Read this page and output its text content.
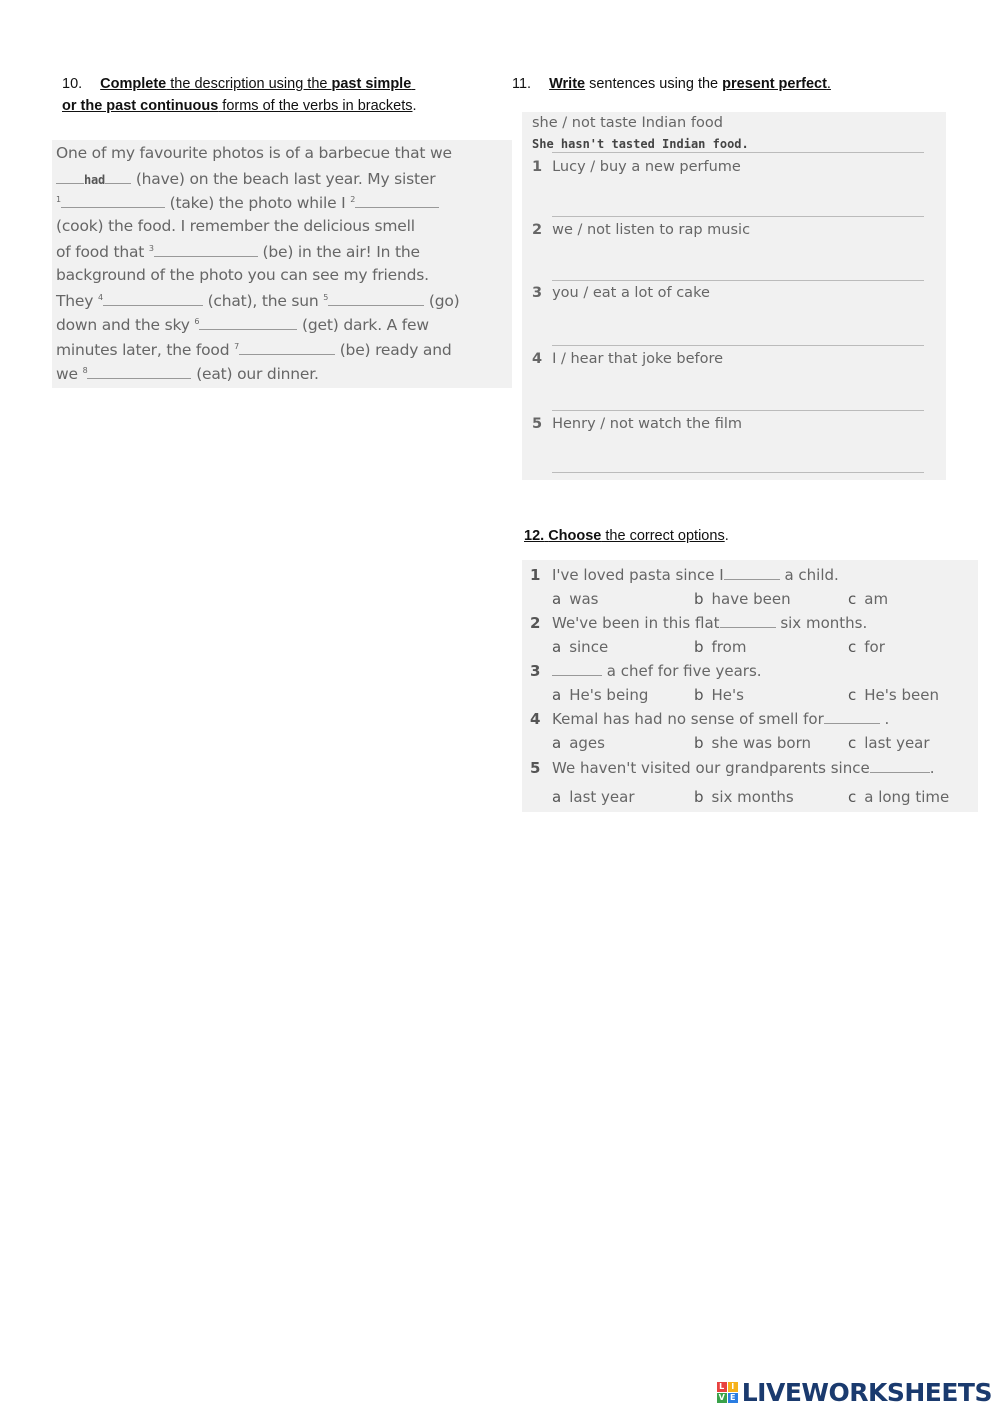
10. Complete the description using the past simple
or the past continuous forms of the verbs in brackets.
One of my favourite photos is of a barbecue that we
had (have) on the beach last year. My sister
$^1$	(take) the photo while I $^2$
(cook) the food. I remember the delicious smell
of food that $^3$	(be) in the air! In the
background of the photo you can see my friends.
They $^4$	(chat), the sun $^5$	(go)
down and the sky $^6$	(get) dark. A few
minutes later, the food $^7$	(be) ready and
we $^8$	(eat) our dinner.
11. Write sentences using the present perfect.
she / not taste Indian food
She hasn't tasted Indian food.
1 Lucy / buy a new perfume
2 we / not listen to rap music
3 you / eat a lot of cake
4 I / hear that joke before
5 Henry / not watch the film
12. Choose the correct options.
1 I've loved pasta since I	a child.
a was	b have been	c am
2 We've been in this flat	six months.
a since	b from	c for
3	a chef for five years.
a He's being	b He's	c He's been
4 Kemal has had no sense of smell for	.
a ages	b she was born c last year
5 We haven't visited our grandparents since	.
a last year	b six months	c a long time
L I
V E LIVEWORKSHEETS
